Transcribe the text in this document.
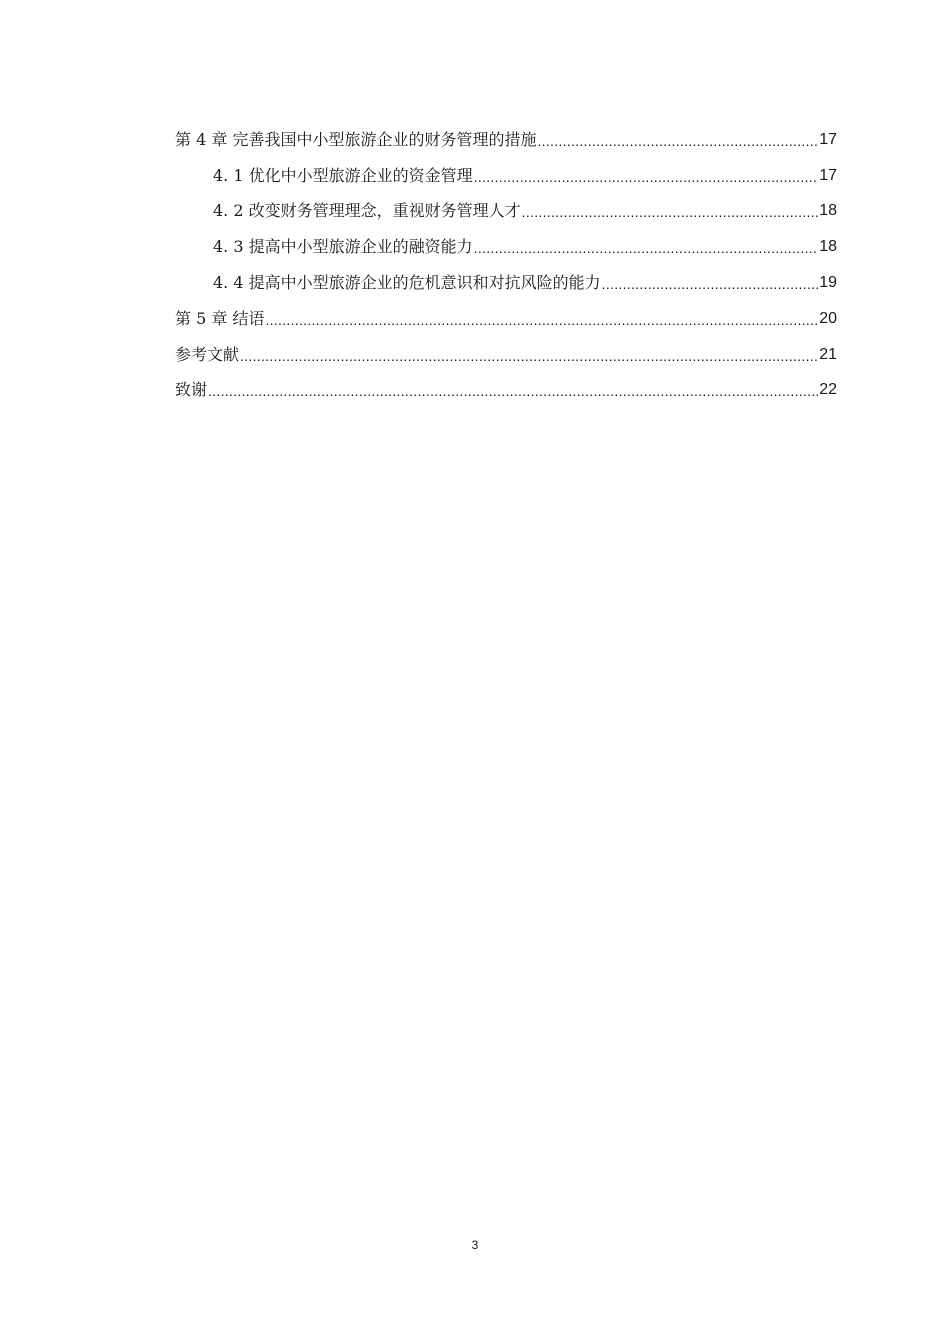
第 4 章 完善我国中小型旅游企业的财务管理的措施 .....	17
4. 1 优化中小型旅游企业的资金管理 .....	17
4. 2 改变财务管理理念，重视财务管理人才 .....	18
4. 3 提高中小型旅游企业的融资能力 .....	18
4. 4 提高中小型旅游企业的危机意识和对抗风险的能力 .....	19
第 5 章 结语 .....	20
参考文献 .....	21
致谢 .....	22
3
